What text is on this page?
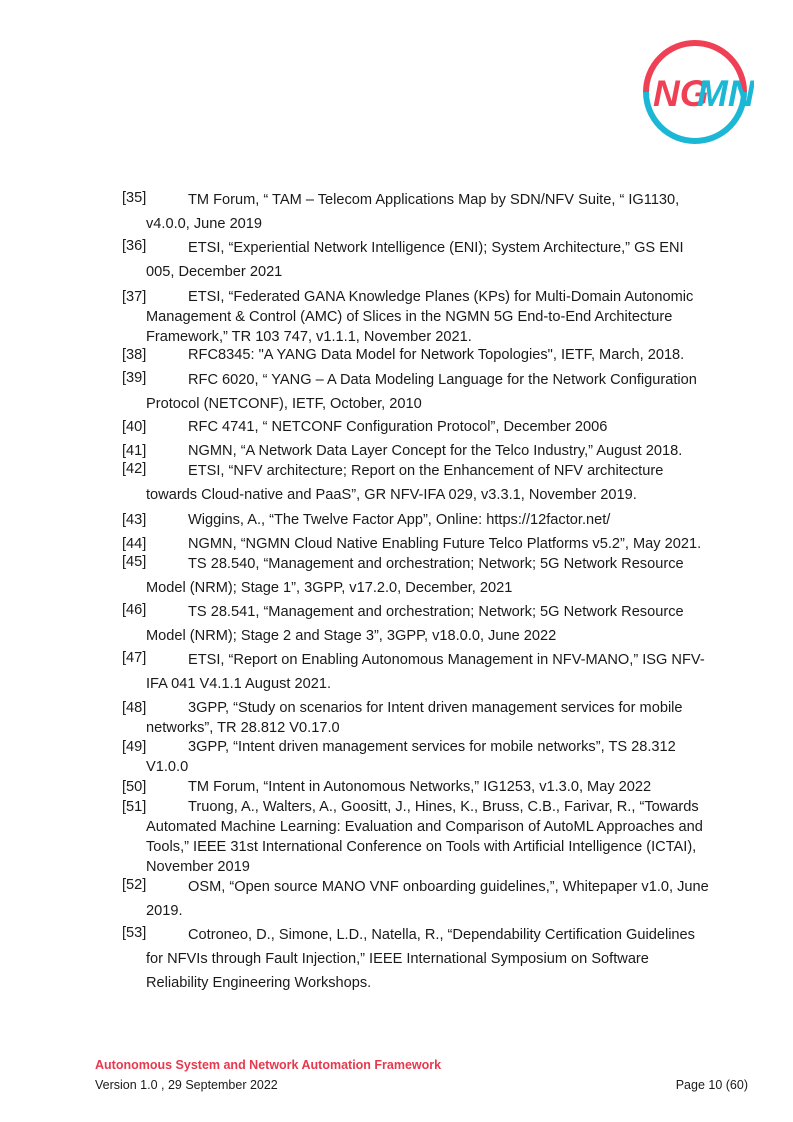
NG
MN
[35]	TM Forum, “ TAM – Telecom Applications Map by SDN/NFV Suite, “ IG1130, v4.0.0, June 2019
[36]	ETSI, “Experiential Network Intelligence (ENI); System Architecture,” GS ENI 005, December 2021
[37]	ETSI, “Federated GANA Knowledge Planes (KPs) for Multi-Domain Autonomic Management & Control (AMC) of Slices in the NGMN 5G End-to-End Architecture Framework,” TR 103 747, v1.1.1, November 2021.
[38]	RFC8345: "A YANG Data Model for Network Topologies", IETF, March, 2018.
[39]	RFC 6020, “ YANG – A Data Modeling Language for the Network Configuration Protocol (NETCONF), IETF, October, 2010
[40]	RFC 4741, “ NETCONF Configuration Protocol”, December 2006
[41]	NGMN, “A Network Data Layer Concept for the Telco Industry,” August 2018.
[42]	ETSI, “NFV architecture; Report on the Enhancement of NFV architecture towards Cloud-native and PaaS”, GR NFV-IFA 029, v3.3.1, November 2019.
[43]	Wiggins, A., “The Twelve Factor App”, Online: https://12factor.net/
[44]	NGMN, “NGMN Cloud Native Enabling Future Telco Platforms v5.2”, May 2021.
[45]	TS 28.540, “Management and orchestration; Network; 5G Network Resource Model (NRM); Stage 1”, 3GPP, v17.2.0, December, 2021
[46]	TS 28.541, “Management and orchestration; Network; 5G Network Resource Model (NRM); Stage 2 and Stage 3”, 3GPP, v18.0.0, June 2022
[47]	ETSI, “Report on Enabling Autonomous Management in NFV-MANO,” ISG NFV-IFA 041 V4.1.1 August 2021.
[48]	3GPP, “Study on scenarios for Intent driven management services for mobile networks”, TR 28.812 V0.17.0
[49]	3GPP, “Intent driven management services for mobile networks”, TS 28.312 V1.0.0
[50]	TM Forum, “Intent in Autonomous Networks,” IG1253, v1.3.0, May 2022
[51]	Truong, A., Walters, A., Goositt, J., Hines, K., Bruss, C.B., Farivar, R., “Towards Automated Machine Learning: Evaluation and Comparison of AutoML Approaches and Tools,” IEEE 31st International Conference on Tools with Artificial Intelligence (ICTAI), November 2019
[52]	OSM, “Open source MANO VNF onboarding guidelines,”, Whitepaper v1.0, June 2019.
[53]	Cotroneo, D., Simone, L.D., Natella, R., “Dependability Certification Guidelines for NFVIs through Fault Injection,” IEEE International Symposium on Software Reliability Engineering Workshops.
Autonomous System and Network Automation Framework
Version 1.0 , 29 September 2022	Page 10 (60)
